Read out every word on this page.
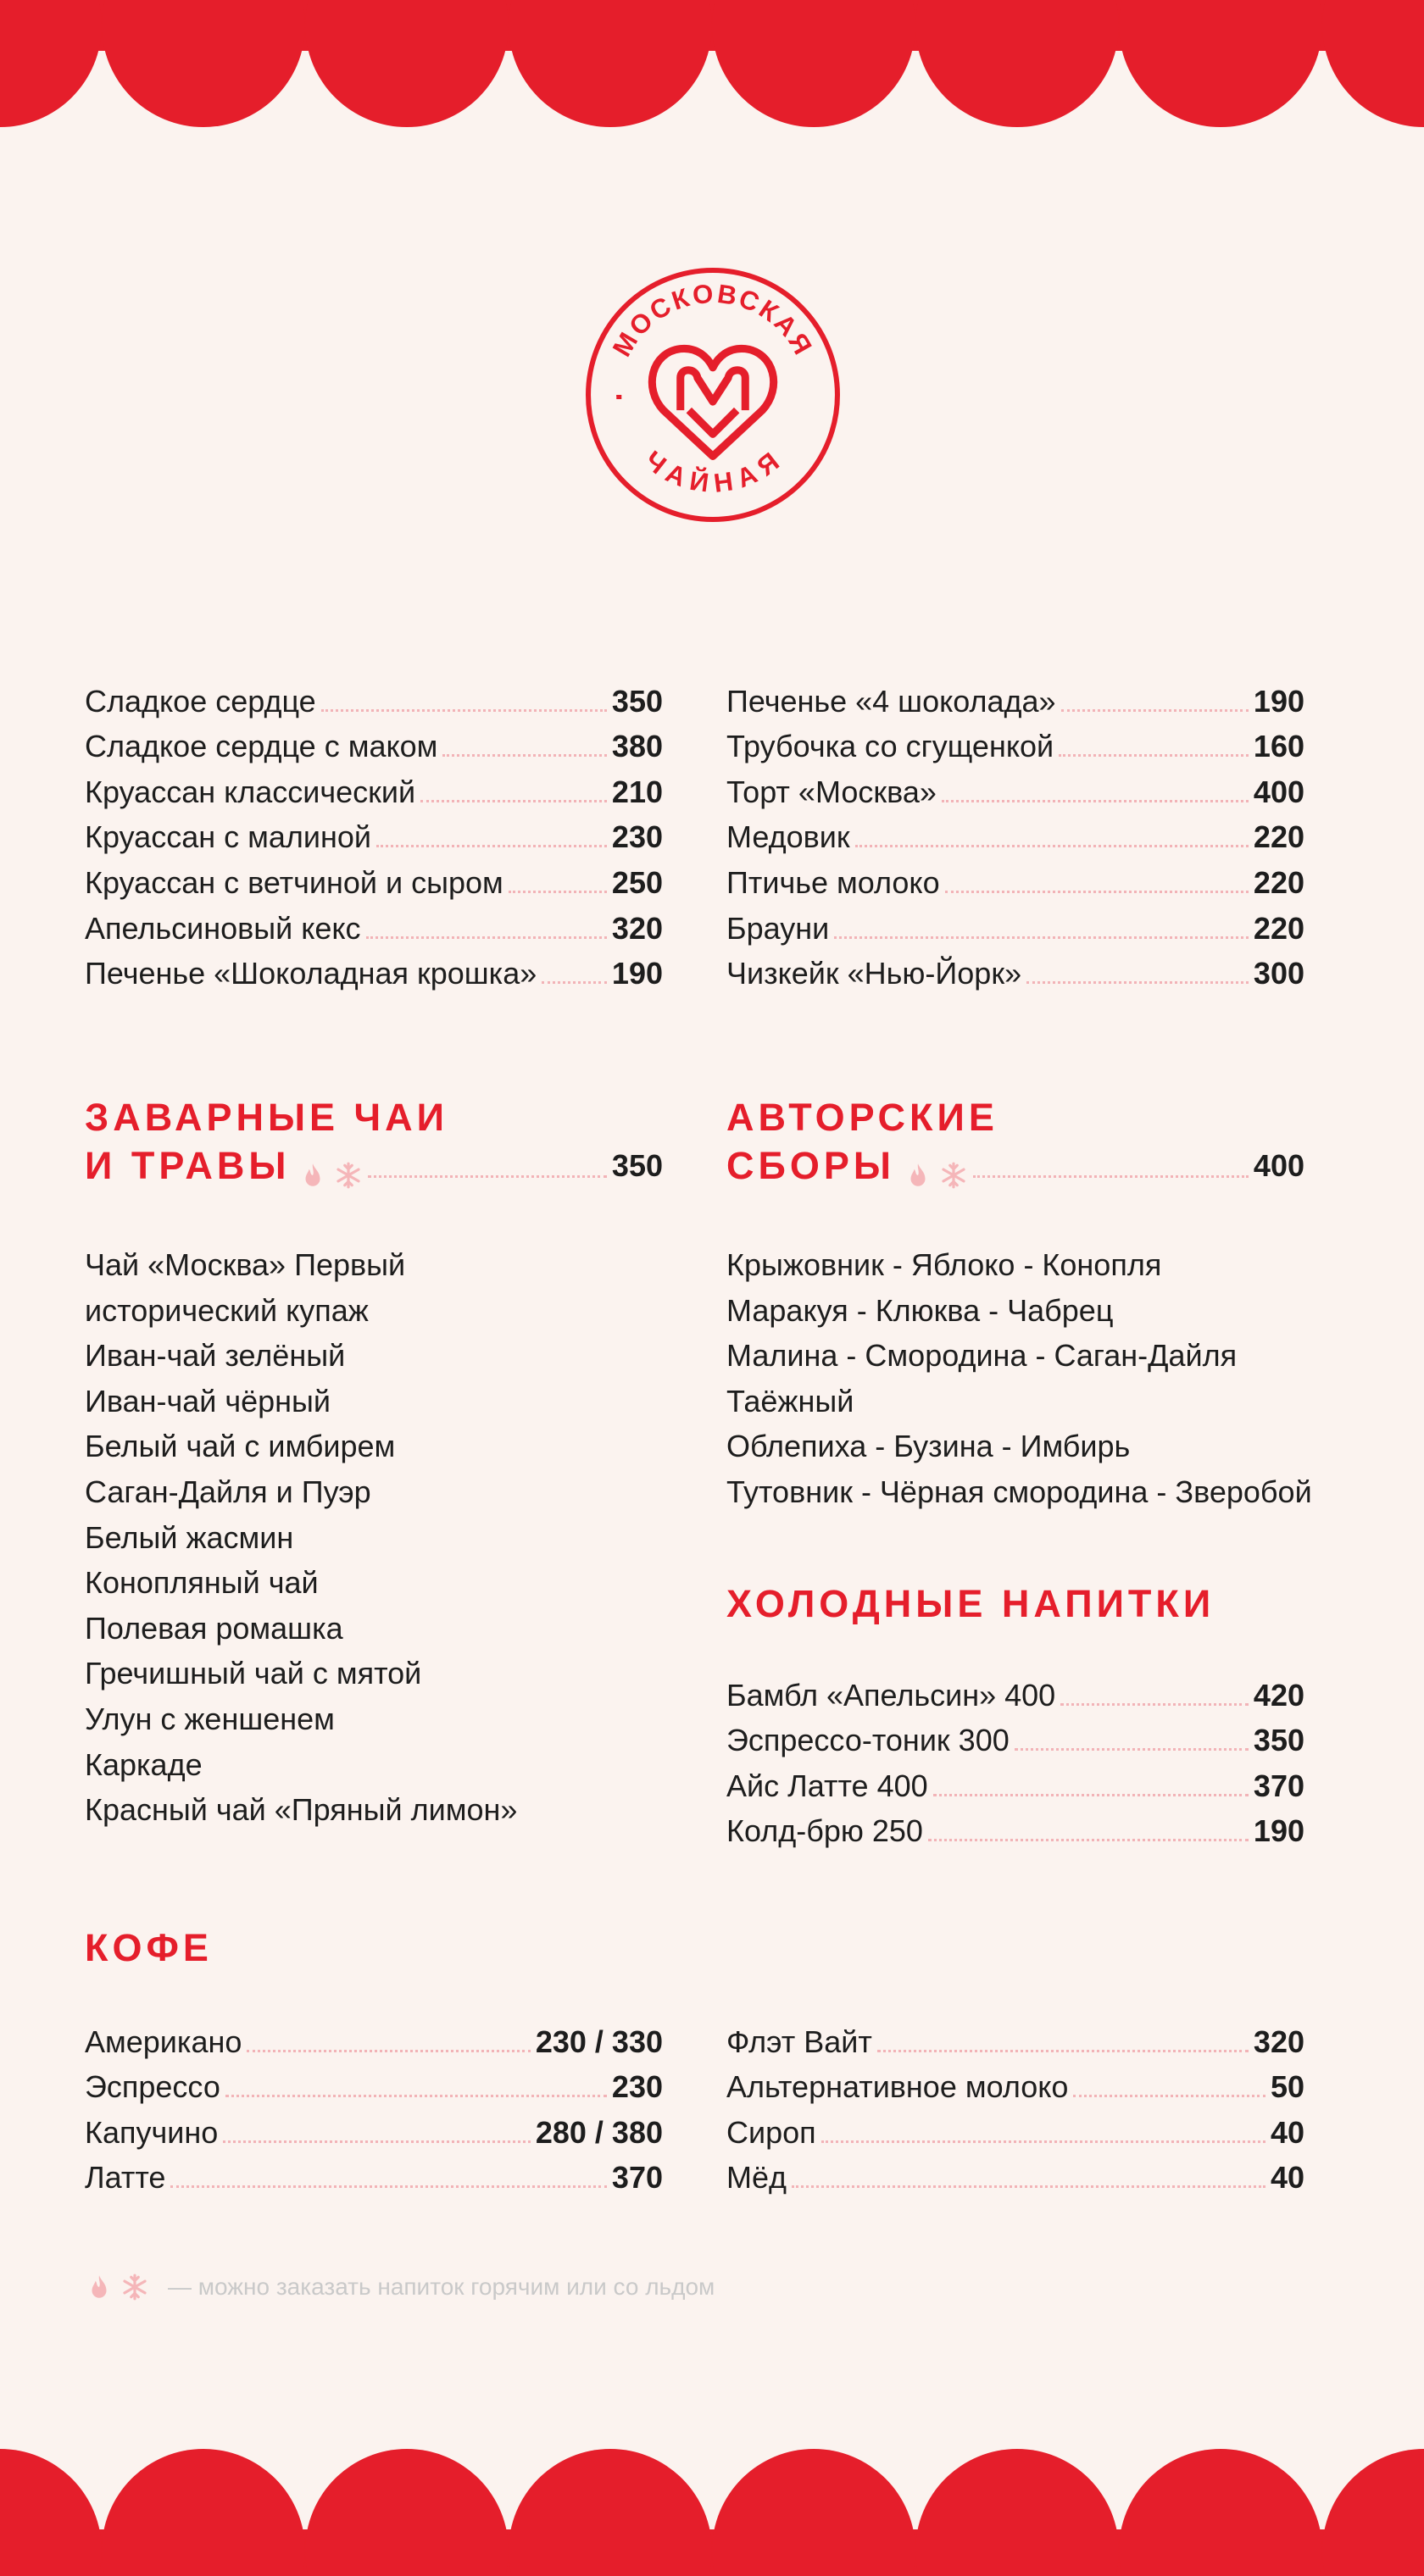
МОСКОВСКАЯ
ЧАЙНАЯ
Сладкое сердце	350
Сладкое сердце с маком	380
Круассан классический	210
Круассан с малиной	230
Круассан с ветчиной и сыром	250
Апельсиновый кекс	320
Печенье «Шоколадная крошка» 190
Печенье «4 шоколада»	190
Трубочка со сгущенкой	160
Торт «Москва»	400
Медовик	220
Птичье молоко	220
Брауни	220
Чизкейк «Нью-Йорк»	300

ЗАВАРНЫЕ ЧАИ

И ТРАВЫ	350

Чай «Москва» Первый

исторический купаж

Иван-чай зелёный

Иван-чай чёрный

Белый чай с имбирем

Саган-Дайля и Пуэр

Белый жасмин

Конопляный чай

Полевая ромашка

Гречишный чай с мятой

Улун с женшенем

Каркаде

Красный чай «Пряный лимон»

АВТОРСКИЕ

СБОРЫ	400

Крыжовник - Яблоко - Конопля

Маракуя - Клюква - Чабрец

Малина - Смородина - Саган-Дайля

Таёжный

Облепиха - Бузина - Имбирь

Тутовник - Чёрная смородина - Зверобой

ХОЛОДНЫЕ НАПИТКИ

Бамбл «Апельсин» 400	420
Эспрессо-тоник 300	350
Айс Латте 400	370
Колд-брю 250	190

КОФЕ

Американо	230 / 330
Эспрессо	230
Капучино	280 / 380
Латте	370
Флэт Вайт	320
Альтернативное молоко	50
Сироп	40
Мёд	40
— можно заказать напиток горячим или со льдом
